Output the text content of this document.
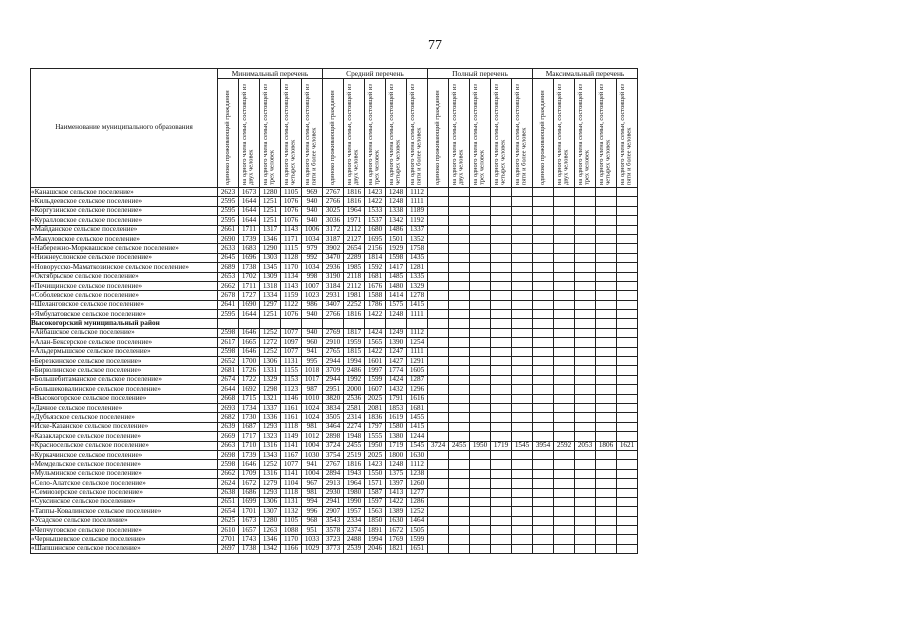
77
Наименование муниципального образования	Минимальный перечень					Средний перечень					Полный перечень					Максимальный перечень				

	одиноко проживающий гражданин	на одного члена семьи, состоящей из двух человек	на одного члена семьи, состоящей из трех человек	на одного члена семьи, состоящей из четырех человек	на одного члена семьи, состоящей из пяти и более человек	одиноко проживающий гражданин	на одного члена семьи, состоящей из двух человек	на одного члена семьи, состоящей из трех человек	на одного члена семьи, состоящей из четырех человек	на одного члена семьи, состоящей из пяти и более человек	одиноко проживающий гражданин	на одного члена семьи, состоящей из двух человек	на одного члена семьи, состоящей из трех человек	на одного члена семьи, состоящей из четырех человек	на одного члена семьи, состоящей из пяти и более человек	одиноко проживающий гражданин	на одного члена семьи, состоящей из двух человек	на одного члена семьи, состоящей из трех человек	на одного члена семьи, состоящей из четырех человек	на одного члена семьи, состоящей из пяти и более человек

«Канашское сельское поселение»	2623	1673	1280	1105	969	2767	1816	1423	1248	1112										
«Кильдеевское сельское поселение»	2595	1644	1251	1076	940	2766	1816	1422	1248	1111										
«Коргузинское сельское поселение»	2595	1644	1251	1076	940	3025	1964	1533	1338	1189										
«Куралловское сельское поселение»	2595	1644	1251	1076	940	3036	1971	1537	1342	1192										
«Майданское сельское поселение»	2661	1711	1317	1143	1006	3172	2112	1680	1486	1337										
«Макуловское сельское поселение»	2690	1739	1346	1171	1034	3187	2127	1695	1501	1352										
«Набережно-Морквашское сельское поселение»	2633	1683	1290	1115	979	3902	2654	2156	1929	1758										
«Нижнеуслонское сельское поселение»	2645	1696	1303	1128	992	3470	2289	1814	1598	1435										
«Новорусско-Маматкозинское сельское поселение»	2689	1738	1345	1170	1034	2936	1985	1592	1417	1281										
«Октябрьское сельское поселение»	2653	1702	1309	1134	998	3190	2118	1681	1485	1335										
«Печищинское сельское поселение»	2662	1711	1318	1143	1007	3184	2112	1676	1480	1329										
«Соболевское сельское поселение»	2678	1727	1334	1159	1023	2931	1981	1588	1414	1278										
«Шеланговское сельское поселение»	2641	1690	1297	1122	986	3407	2252	1786	1575	1415										
«Ямбулатовское сельское поселение»	2595	1644	1251	1076	940	2766	1816	1422	1248	1111										
Высокогорский муниципальный район																				
«Айбашское сельское поселение»	2598	1646	1252	1077	940	2769	1817	1424	1249	1112										
«Алан-Бексерское сельское поселение»	2617	1665	1272	1097	960	2910	1959	1565	1390	1254										
«Альдермышское сельское поселение»	2598	1646	1252	1077	941	2765	1815	1422	1247	1111										
«Березкинское сельское поселение»	2652	1700	1306	1131	995	2944	1994	1601	1427	1291										
«Бирюлинское сельское поселение»	2681	1726	1331	1155	1018	3709	2486	1997	1774	1605										
«Большебитаманское сельское поселение»	2674	1722	1329	1153	1017	2944	1992	1599	1424	1287										
«Большековалинское сельское поселение»	2644	1692	1298	1123	987	2951	2000	1607	1432	1296										
«Высокогорское сельское поселение»	2668	1715	1321	1146	1010	3820	2536	2025	1791	1616										
«Дачное сельское поселение»	2693	1734	1337	1161	1024	3834	2581	2081	1853	1681										
«Дубъязское сельское поселение»	2682	1730	1336	1161	1024	3505	2314	1836	1619	1455										
«Иске-Казанское сельское поселение»	2639	1687	1293	1118	981	3464	2274	1797	1580	1415										
«Казакларское сельское поселение»	2669	1717	1323	1149	1012	2898	1948	1555	1380	1244										
«Красносельское сельское поселение»	2663	1710	1316	1141	1004	3724	2455	1950	1719	1545	3724	2455	1950	1719	1545	3954	2592	2053	1806	1621
«Куркачинское сельское поселение»	2698	1739	1343	1167	1030	3754	2519	2025	1800	1630										
«Мемдельское сельское поселение»	2598	1646	1252	1077	941	2767	1816	1423	1248	1112										
«Мульминское сельское поселение»	2662	1709	1316	1141	1004	2894	1943	1550	1375	1238										
«Село-Алатское сельское поселение»	2624	1672	1279	1104	967	2913	1964	1571	1397	1260										
«Семиозерское сельское поселение»	2638	1686	1293	1118	981	2930	1980	1587	1413	1277										
«Суксинское сельское поселение»	2651	1699	1306	1131	994	2941	1990	1597	1422	1286										
«Таппы-Ковалинское сельское поселение»	2654	1701	1307	1132	996	2907	1957	1563	1389	1252										
«Усадское сельское поселение»	2625	1673	1280	1105	968	3543	2334	1850	1630	1464										
«Чепчуговское сельское поселение»	2610	1657	1263	1088	951	3578	2374	1891	1672	1505										
«Чернышевское сельское поселение»	2701	1743	1346	1170	1033	3723	2488	1994	1769	1599										
«Шапшинское сельское поселение»	2697	1738	1342	1166	1029	3773	2539	2046	1821	1651										
